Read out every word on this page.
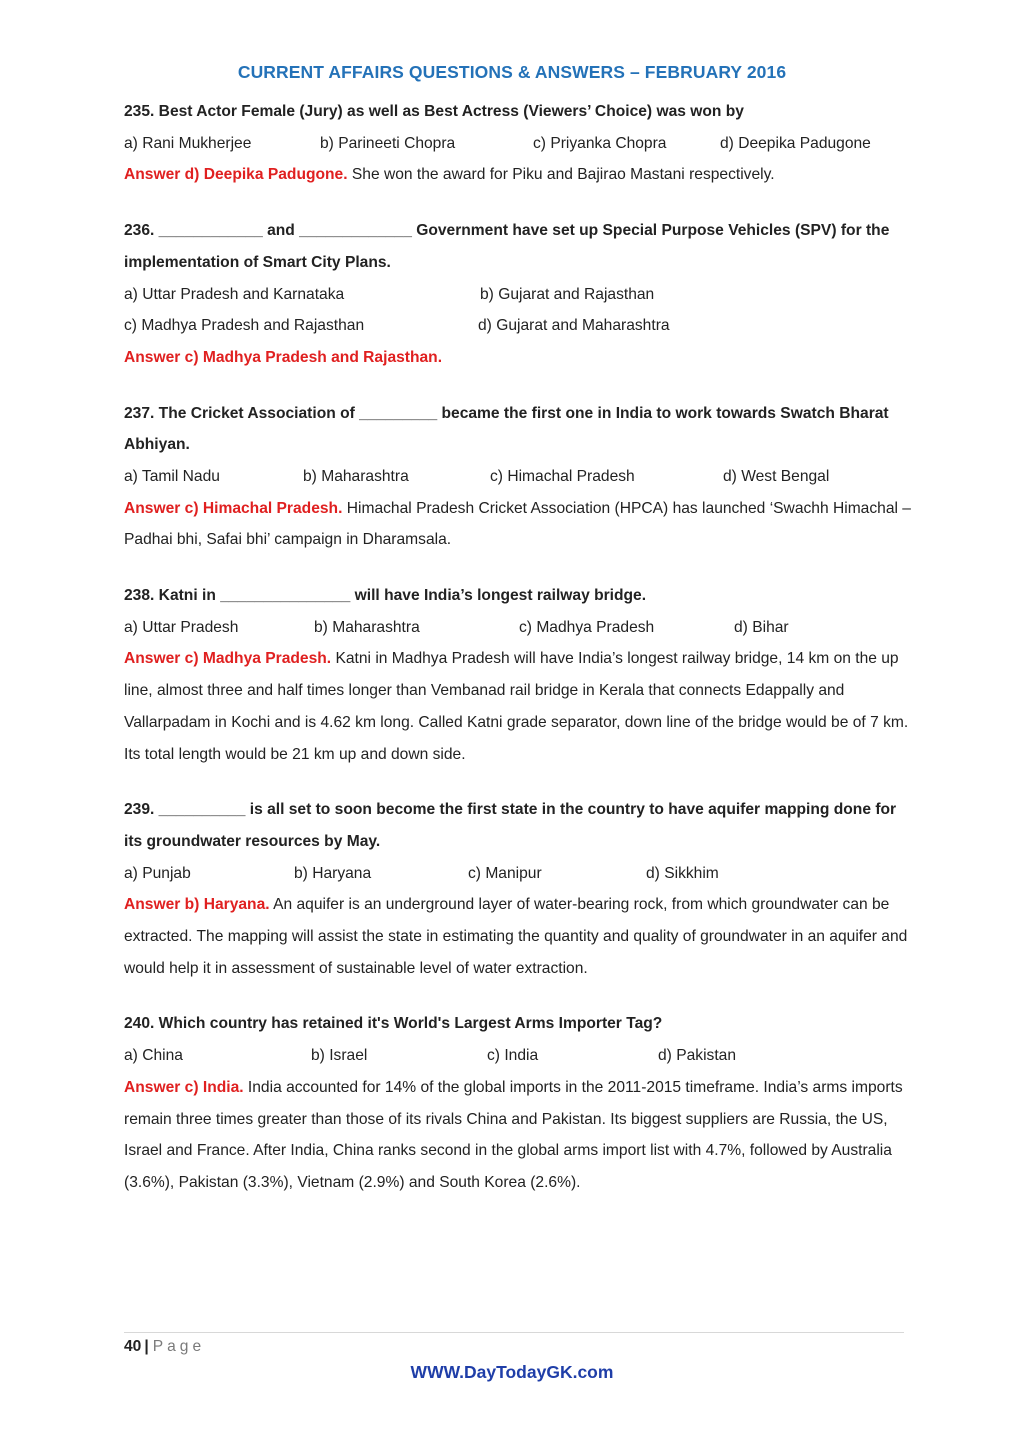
CURRENT AFFAIRS QUESTIONS & ANSWERS – FEBRUARY 2016
235. Best Actor Female (Jury) as well as Best Actress (Viewers’ Choice) was won by
a) Rani Mukherjee	b) Parineeti Chopra	c) Priyanka Chopra	d) Deepika Padugone
Answer d) Deepika Padugone. She won the award for Piku and Bajirao Mastani respectively.
236. ____________ and _____________ Government have set up Special Purpose Vehicles (SPV) for the implementation of Smart City Plans.
a) Uttar Pradesh and Karnataka	b) Gujarat and Rajasthan
c) Madhya Pradesh and Rajasthan	d) Gujarat and Maharashtra
Answer c) Madhya Pradesh and Rajasthan.
237. The Cricket Association of _________ became the first one in India to work towards Swatch Bharat Abhiyan.
a) Tamil Nadu	b) Maharashtra	c) Himachal Pradesh	d) West Bengal
Answer c) Himachal Pradesh. Himachal Pradesh Cricket Association (HPCA) has launched ‘Swachh Himachal – Padhai bhi, Safai bhi’ campaign in Dharamsala.
238. Katni in _______________ will have India’s longest railway bridge.
a) Uttar Pradesh	b) Maharashtra	c) Madhya Pradesh	d) Bihar
Answer c) Madhya Pradesh. Katni in Madhya Pradesh will have India’s longest railway bridge, 14 km on the up line, almost three and half times longer than Vembanad rail bridge in Kerala that connects Edappally and Vallarpadam in Kochi and is 4.62 km long. Called Katni grade separator, down line of the bridge would be of 7 km. Its total length would be 21 km up and down side.
239. __________ is all set to soon become the first state in the country to have aquifer mapping done for its groundwater resources by May.
a) Punjab	b) Haryana	c) Manipur	d) Sikkhim
Answer b) Haryana. An aquifer is an underground layer of water-bearing rock, from which groundwater can be extracted. The mapping will assist the state in estimating the quantity and quality of groundwater in an aquifer and would help it in assessment of sustainable level of water extraction.
240. Which country has retained it's World's Largest Arms Importer Tag?
a) China	b) Israel	c) India	d) Pakistan
Answer c) India. India accounted for 14% of the global imports in the 2011-2015 timeframe. India’s arms imports remain three times greater than those of its rivals China and Pakistan. Its biggest suppliers are Russia, the US, Israel and France. After India, China ranks second in the global arms import list with 4.7%, followed by Australia (3.6%), Pakistan (3.3%), Vietnam (2.9%) and South Korea (2.6%).
40 | Page
WWW.DayTodayGK.com
